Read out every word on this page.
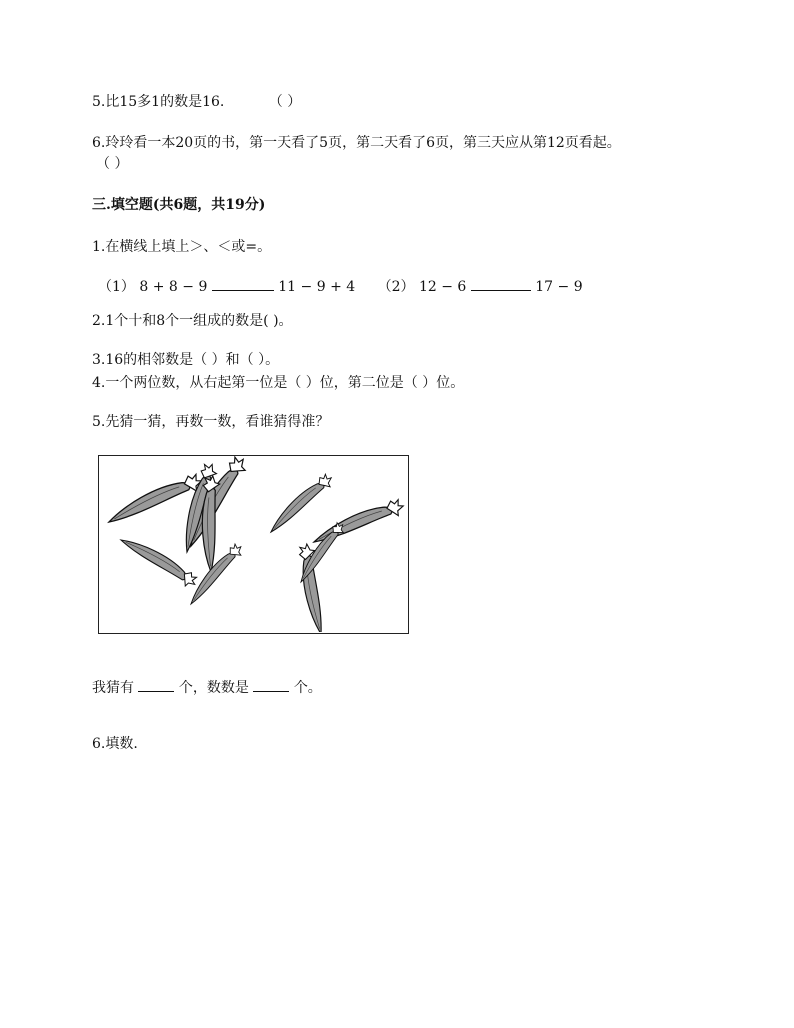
5.比15多1的数是16.	（ ）
6.玲玲看一本20页的书，第一天看了5页，第二天看了6页，第三天应从第12页看起。
（ ）
三.填空题(共6题，共19分)
1.在横线上填上＞、＜或=。
（1） 8 + 8 − 9	11 − 9 + 4 （2） 12 − 6	17 − 9
2.1个十和8个一组成的数是( )。
3.16的相邻数是（ ）和（ ）。
4.一个两位数，从右起第一位是（ ）位，第二位是（ ）位。
5.先猜一猜，再数一数，看谁猜得准？
我猜有	个，数数是	个。
6.填数.
